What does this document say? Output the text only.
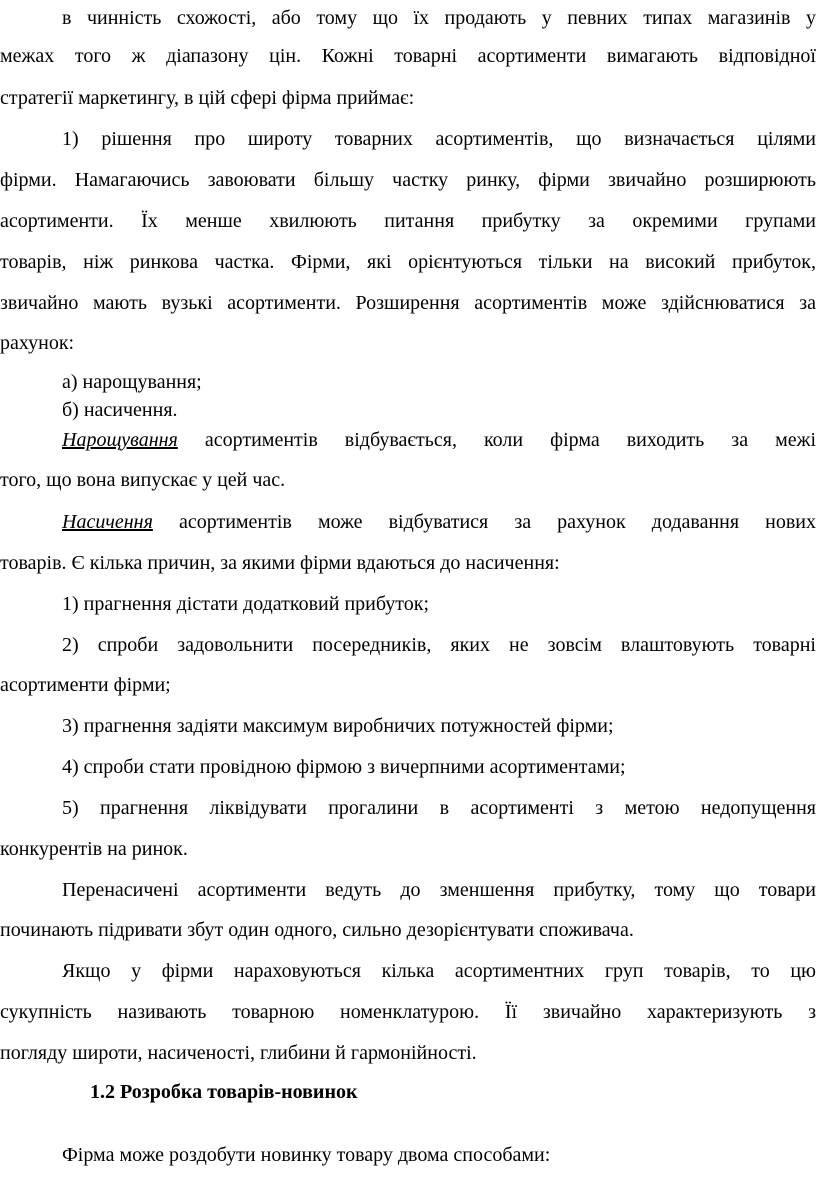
в чинність схожості, або тому що їх продають у певних типах магазинів у
межах того ж діапазону цін. Кожні товарні асортименти вимагають відповідної
стратегії маркетингу, в цій сфері фірма приймає:
1) рішення про широту товарних асортиментів, що визначається цілями
фірми. Намагаючись завоювати більшу частку ринку, фірми звичайно розширюють
асортименти. Їх менше хвилюють питання прибутку за окремими групами
товарів, ніж ринкова частка. Фірми, які орієнтуються тільки на високий прибуток,
звичайно мають вузькі асортименти. Розширення асортиментів може здійснюватися за
рахунок:
а) нарощування;
б) насичення.
Нарощування асортиментів відбувається, коли фірма виходить за межі
того, що вона випускає у цей час.
Насичення асортиментів може відбуватися за рахунок додавання нових
товарів. Є кілька причин, за якими фірми вдаються до насичення:
1) прагнення дістати додатковий прибуток;
2) спроби задовольнити посередників, яких не зовсім влаштовують товарні
асортименти фірми;
3) прагнення задіяти максимум виробничих потужностей фірми;
4) спроби стати провідною фірмою з вичерпними асортиментами;
5) прагнення ліквідувати прогалини в асортименті з метою недопущення
конкурентів на ринок.
Перенасичені асортименти ведуть до зменшення прибутку, тому що товари
починають підривати збут один одного, сильно дезорієнтувати споживача.
Якщо у фірми нараховуються кілька асортиментних груп товарів, то цю
сукупність називають товарною номенклатурою. Її звичайно характеризують з
погляду широти, насиченості, глибини й гармонійності.
1.2 Розробка товарів-новинок
Фірма може роздобути новинку товару двома способами:
